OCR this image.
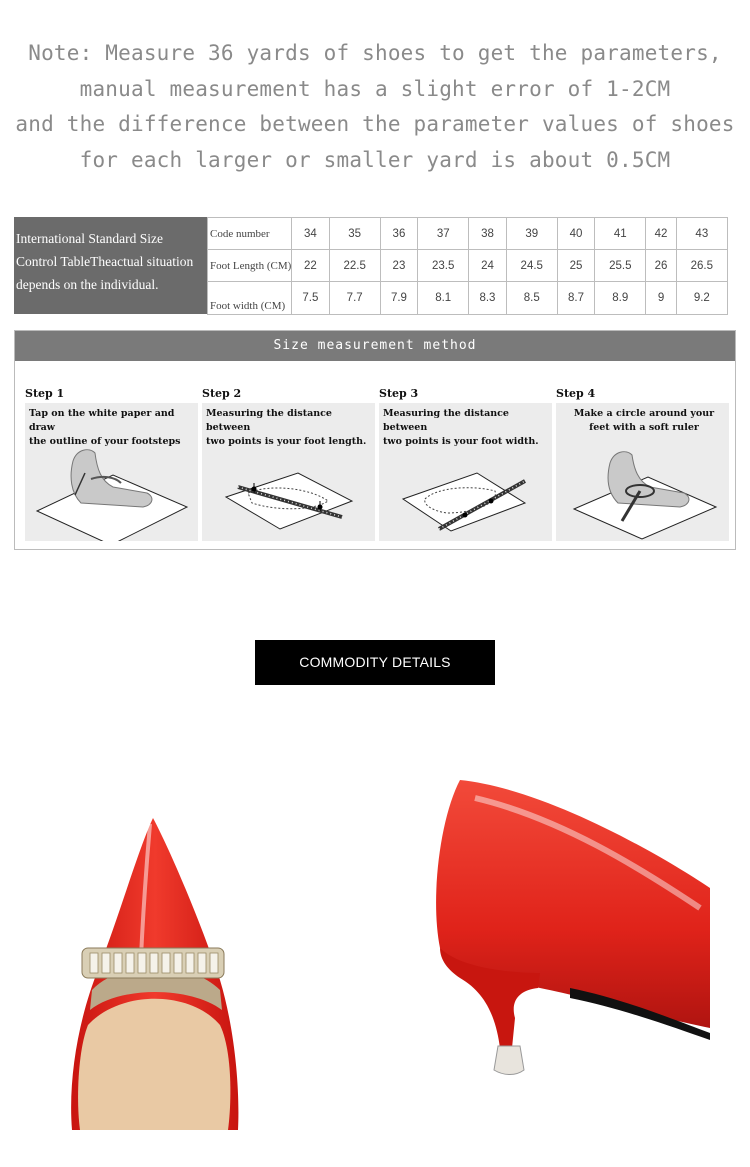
Note: Measure 36 yards of shoes to get the parameters,
manual measurement has a slight error of 1-2CM
and the difference between the parameter values of shoes
for each larger or smaller yard is about 0.5CM
International Standard Size
Control TableTheactual situation
depends on the individual.
Code number	34	35	36	37	38	39	40	41	42	43
Foot Length (CM)	22	22.5	23	23.5	24	24.5	25	25.5	26	26.5
Foot width (CM)	7.5	7.7	7.9	8.1	8.3	8.5	8.7	8.9	9	9.2
Size measurement method
Step 1
Tap on the white paper and draw
the outline of your footsteps
Step 2
Measuring the distance between
two points is your foot length.
Step 3
Measuring the distance between
two points is your foot width.
Step 4
Make a circle around your
feet with a soft ruler
COMMODITY DETAILS
